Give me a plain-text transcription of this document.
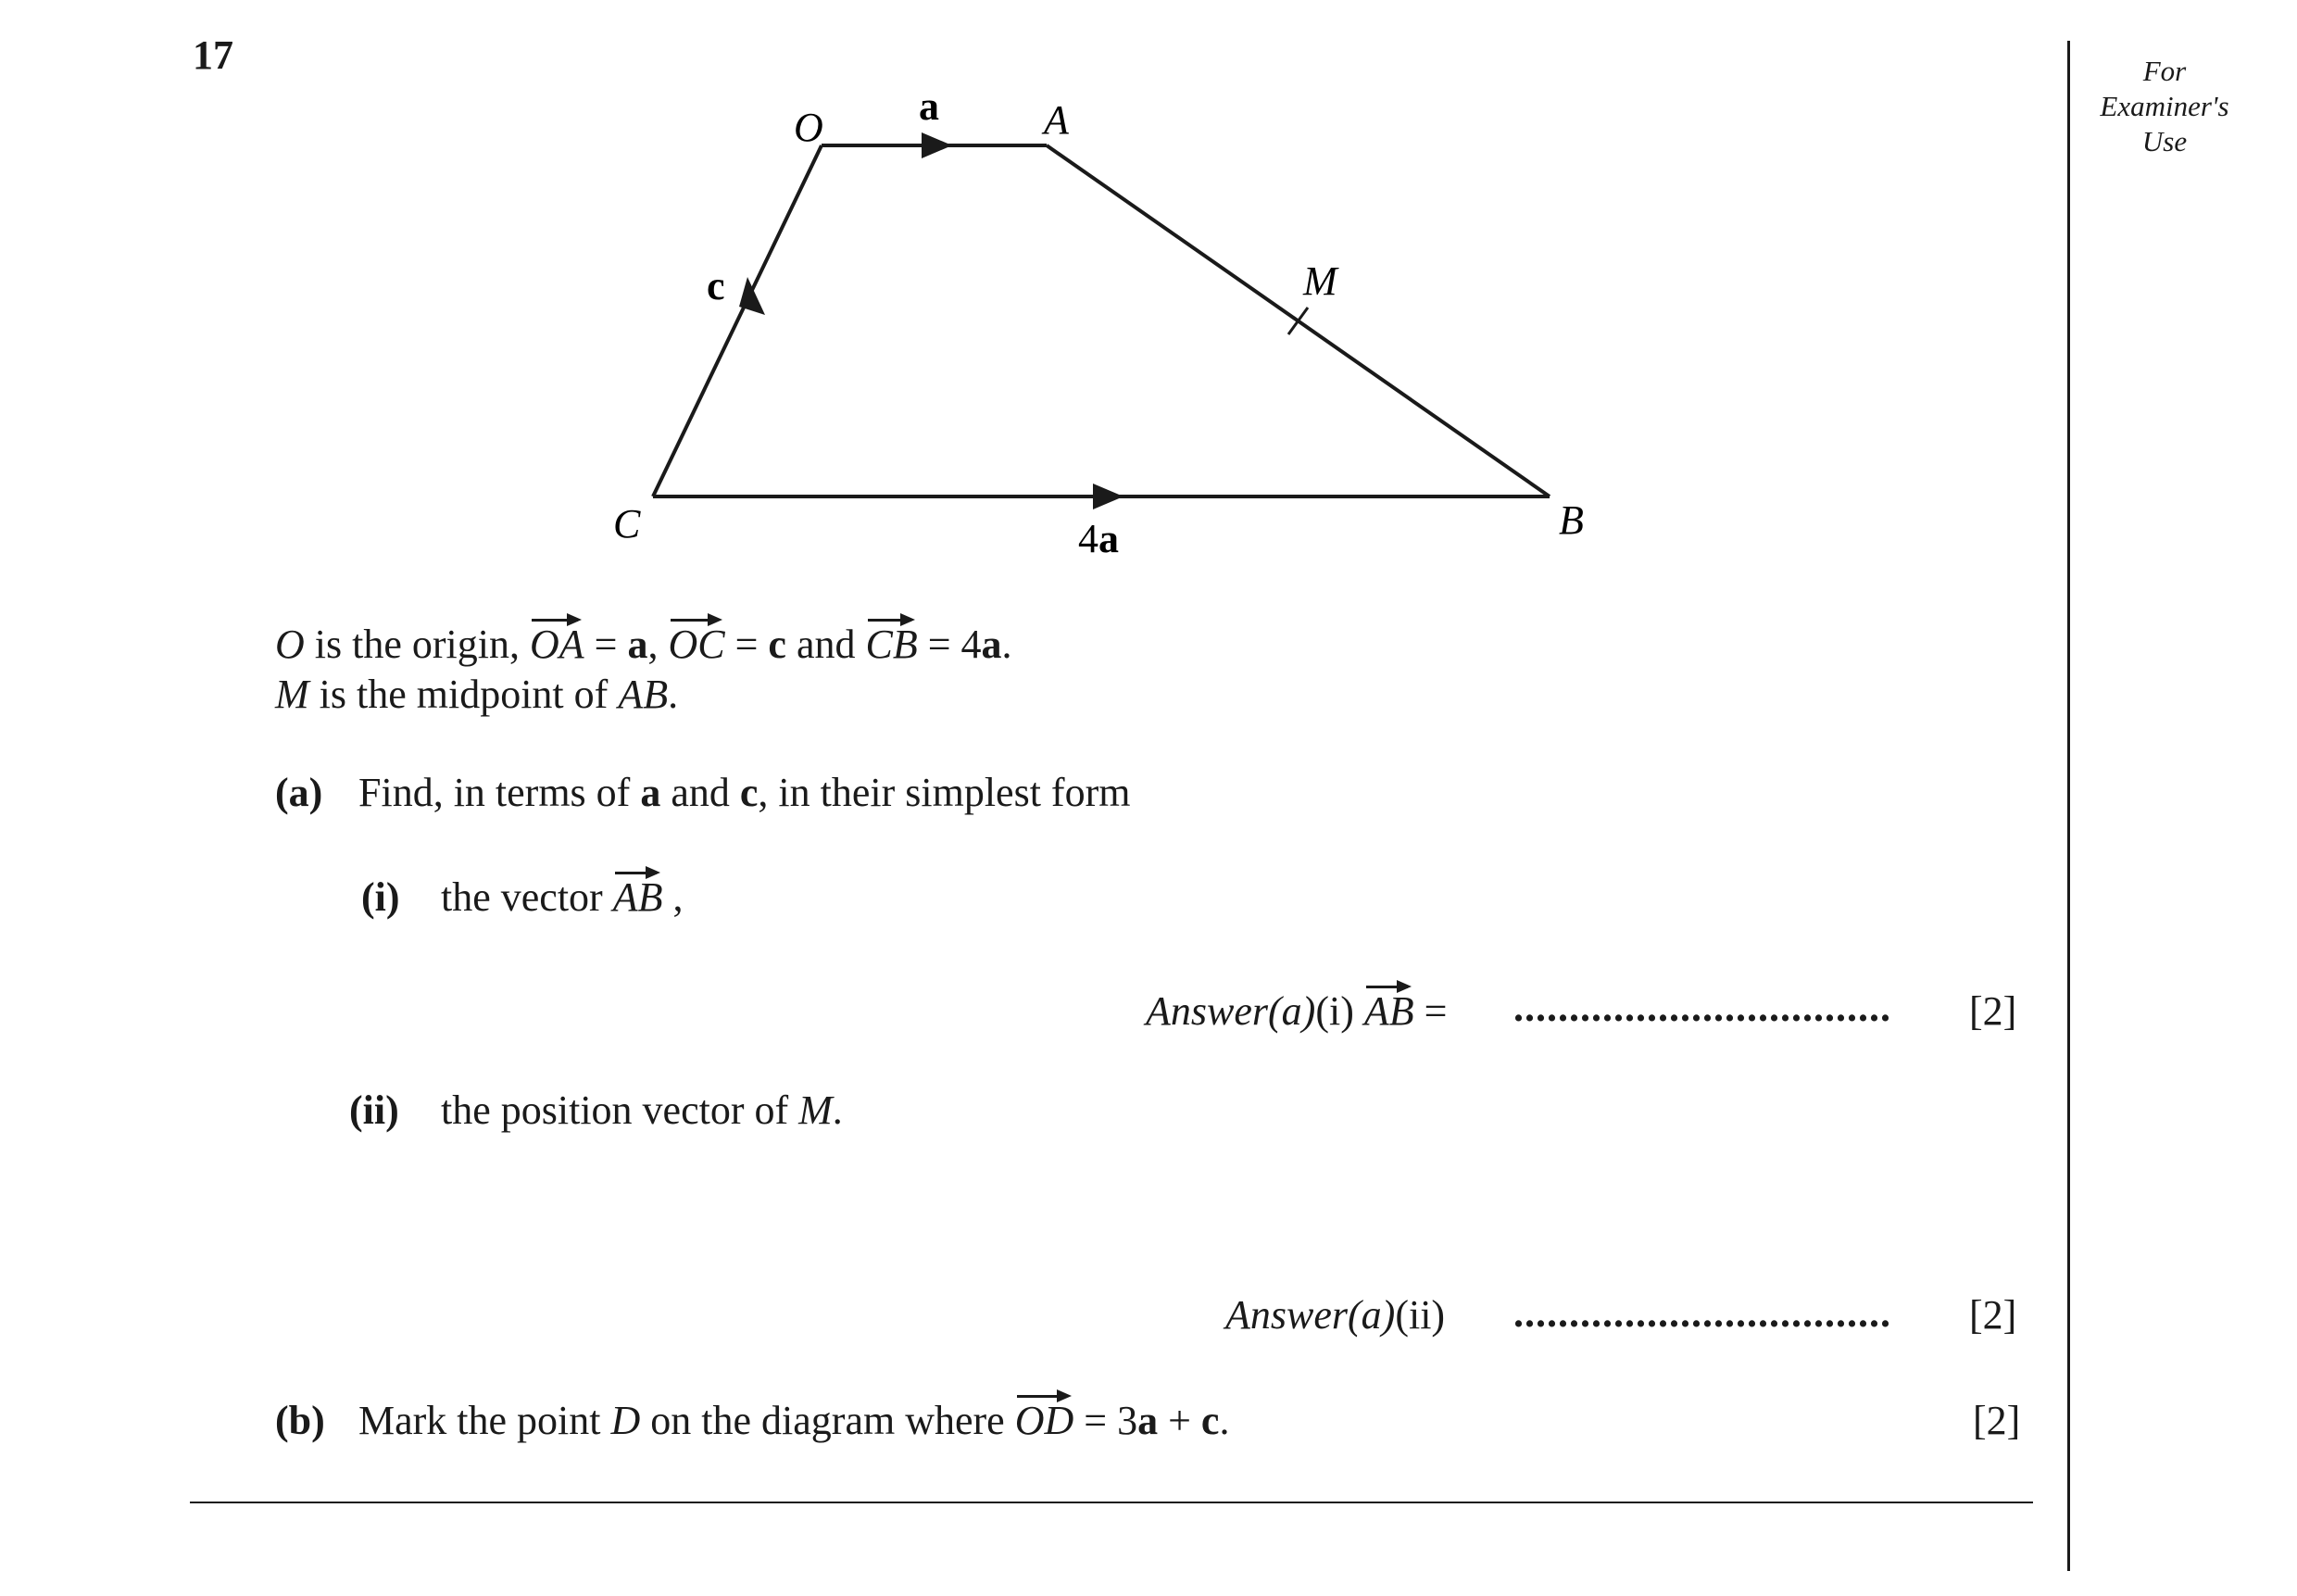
17	For
Examiner's
Use
O a	A
c	M
C	4a	B
O is the origin, OA = a, OC = c and CB = 4a.
M is the midpoint of AB.
(a) Find, in terms of a and c, in their simplest form
(i) the vector AB ,
Answer(a)(i) AB = .................................. [2]
(ii) the position vector of M.
Answer(a)(ii) .................................. [2]
(b) Mark the point D on the diagram where OD = 3a + c.	[2]
